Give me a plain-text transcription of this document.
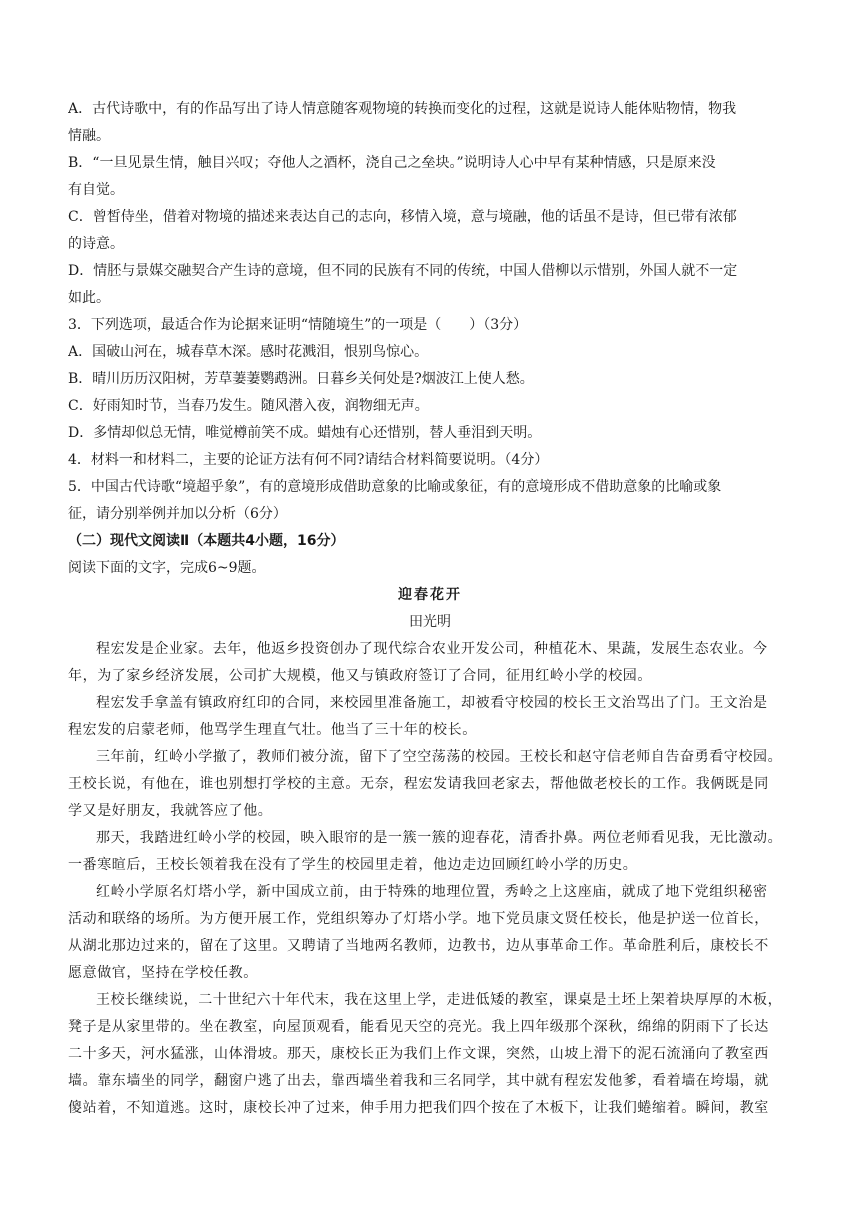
A．古代诗歌中，有的作品写出了诗人情意随客观物境的转换而变化的过程，这就是说诗人能体贴物情，物我
情融。
B．“一旦见景生情，触目兴叹；夺他人之酒杯，浇自己之垒块。”说明诗人心中早有某种情感，只是原来没
有自觉。
C．曾皙侍坐，借着对物境的描述来表达自己的志向，移情入境，意与境融，他的话虽不是诗，但已带有浓郁
的诗意。
D．情胚与景媒交融契合产生诗的意境，但不同的民族有不同的传统，中国人借柳以示惜别，外国人就不一定
如此。
3．下列选项，最适合作为论据来证明“情随境生”的一项是（　　）（3分）
A．国破山河在，城春草木深。感时花溅泪，恨别鸟惊心。
B．晴川历历汉阳树，芳草萋萋鹦鹉洲。日暮乡关何处是?烟波江上使人愁。
C．好雨知时节，当春乃发生。随风潜入夜，润物细无声。
D．多情却似总无情，唯觉樽前笑不成。蜡烛有心还惜别，替人垂泪到天明。
4．材料一和材料二，主要的论证方法有何不同?请结合材料简要说明。（4分）
5．中国古代诗歌“境超乎象”，有的意境形成借助意象的比喻或象征，有的意境形成不借助意象的比喻或象
征，请分别举例并加以分析（6分）
（二）现代文阅读Ⅱ（本题共4小题，16分）
阅读下面的文字，完成6~9题。
迎春花开
田光明
程宏发是企业家。去年，他返乡投资创办了现代综合农业开发公司，种植花木、果蔬，发展生态农业。今
年，为了家乡经济发展，公司扩大规模，他又与镇政府签订了合同，征用红岭小学的校园。
程宏发手拿盖有镇政府红印的合同，来校园里准备施工，却被看守校园的校长王文治骂出了门。王文治是
程宏发的启蒙老师，他骂学生理直气壮。他当了三十年的校长。
三年前，红岭小学撤了，教师们被分流，留下了空空荡荡的校园。王校长和赵守信老师自告奋勇看守校园。
王校长说，有他在，谁也别想打学校的主意。无奈，程宏发请我回老家去，帮他做老校长的工作。我俩既是同
学又是好朋友，我就答应了他。
那天，我踏进红岭小学的校园，映入眼帘的是一簇一簇的迎春花，清香扑鼻。两位老师看见我，无比激动。
一番寒暄后，王校长领着我在没有了学生的校园里走着，他边走边回顾红岭小学的历史。
红岭小学原名灯塔小学，新中国成立前，由于特殊的地理位置，秀岭之上这座庙，就成了地下党组织秘密
活动和联络的场所。为方便开展工作，党组织筹办了灯塔小学。地下党员康文贤任校长，他是护送一位首长，
从湖北那边过来的，留在了这里。又聘请了当地两名教师，边教书，边从事革命工作。革命胜利后，康校长不
愿意做官，坚持在学校任教。
王校长继续说，二十世纪六十年代末，我在这里上学，走进低矮的教室，课桌是土坯上架着块厚厚的木板，
凳子是从家里带的。坐在教室，向屋顶观看，能看见天空的亮光。我上四年级那个深秋，绵绵的阴雨下了长达
二十多天，河水猛涨，山体滑坡。那天，康校长正为我们上作文课，突然，山坡上滑下的泥石流涌向了教室西
墙。靠东墙坐的同学，翻窗户逃了出去，靠西墙坐着我和三名同学，其中就有程宏发他爹，看着墙在垮塌，就
傻站着，不知道逃。这时，康校长冲了过来，伸手用力把我们四个按在了木板下，让我们蜷缩着。瞬间，教室
